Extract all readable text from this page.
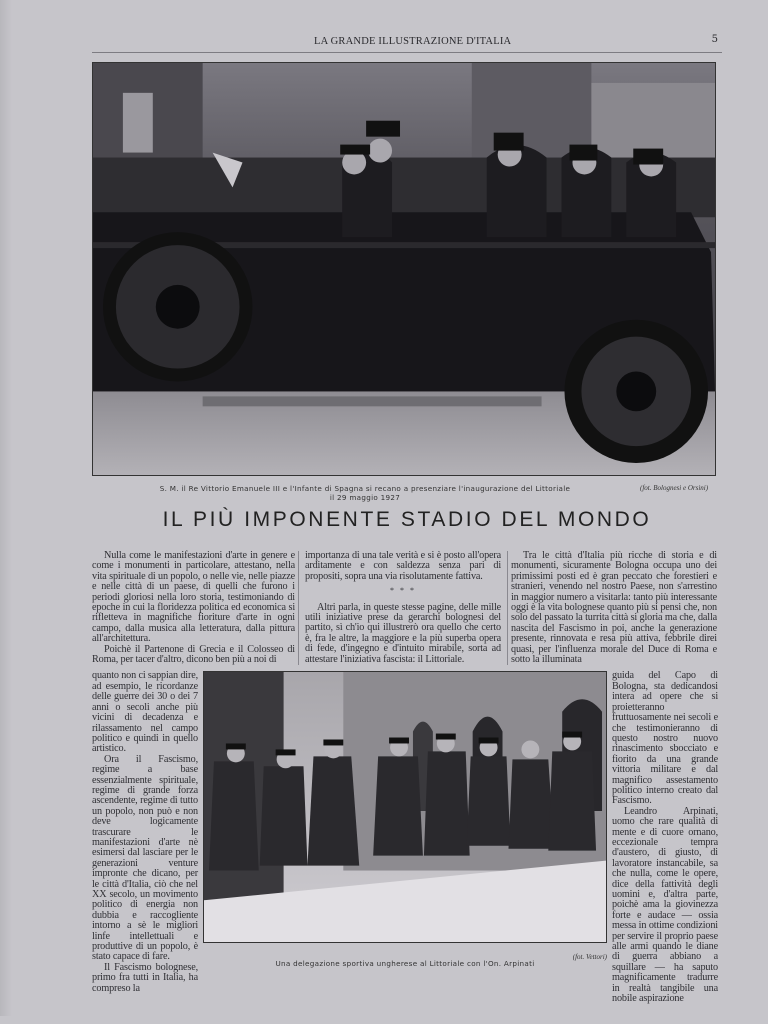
LA GRANDE ILLUSTRAZIONE D'ITALIA	5
S. M. il Re Vittorio Emanuele III e l'Infante di Spagna si recano a presenziare l'inaugurazione del Littoriale
il 29 maggio 1927
(fot. Bolognesi e Orsini)
IL PIÙ IMPONENTE STADIO DEL MONDO

Nulla come le manifestazioni d'arte in genere e come i monumenti in particolare, attestano, nella vita spirituale di un popolo, o nelle vie, nelle piazze e nelle città di un paese, di quelli che furono i periodi gloriosi nella loro storia, testimoniando di epoche in cui la floridezza politica ed economica si rifletteva in magnifiche fioriture d'arte in ogni campo, dalla musica alla letteratura, dalla pittura all'architettura.

Poichè il Partenone di Grecia e il Colosseo di Roma, per tacer d'altro, dicono ben più a noi di

importanza di una tale verità e si è posto all'opera arditamente e con saldezza senza pari di propositi, sopra una via risolutamente fattiva.

* * *

Altri parla, in queste stesse pagine, delle mille utili iniziative prese da gerarchi bolognesi del partito, sì ch'io qui illustrerò ora quello che certo è, fra le altre, la maggiore e la più superba opera di fede, d'ingegno e d'intuito mirabile, sorta ad attestare l'iniziativa fascista: il Littoriale.

Tra le città d'Italia più ricche di storia e di monumenti, sicuramente Bologna occupa uno dei primissimi posti ed è gran peccato che forestieri e stranieri, venendo nel nostro Paese, non s'arrestino in maggior numero a visitarla: tanto più interessante oggi è la vita bolognese quanto più si pensi che, non solo del passato la turrita città si gloria ma che, dalla nascita del Fascismo in poi, anche la generazione presente, rinnovata e resa più attiva, febbrile direi quasi, per l'influenza morale del Duce di Roma e sotto la illuminata

quanto non ci sappian dire, ad esempio, le ricordanze delle guerre dei 30 o dei 7 anni o secoli anche più vicini di decadenza e rilassamento nel campo politico e quindi in quello artistico.

Ora il Fascismo, regime a base essenzialmente spirituale, regime di grande forza ascendente, regime di tutto un popolo, non può e non deve logicamente trascurare le manifestazioni d'arte nè esimersi dal lasciare per le generazioni venture impronte che dicano, per le città d'Italia, ciò che nel XX secolo, un movimento politico di energia non dubbia e raccogliente intorno a sè le migliori linfe intellettuali e produttive di un popolo, è stato capace di fare.

Il Fascismo bolognese, primo fra tutti in Italia, ha compreso la

(fot. Vettori)
Una delegazione sportiva ungherese al Littoriale con l'On. Arpinati

guida del Capo di Bologna, sta dedicandosi intera ad opere che si proietteranno fruttuosamente nei secoli e che testimonieranno di questo nostro nuovo rinascimento sbocciato e fiorito da una grande vittoria militare e dal magnifico assestamento politico interno creato dal Fascismo.

Leandro Arpinati, uomo che rare qualità di mente e di cuore ornano, eccezionale tempra d'austero, di giusto, di lavoratore instancabile, sa che nulla, come le opere, dice della fattività degli uomini e, d'altra parte, poichè ama la giovinezza forte e audace — ossia messa in ottime condizioni per servire il proprio paese alle armi quando le diane di guerra abbiano a squillare — ha saputo magnificamente tradurre in realtà tangibile una nobile aspirazione
